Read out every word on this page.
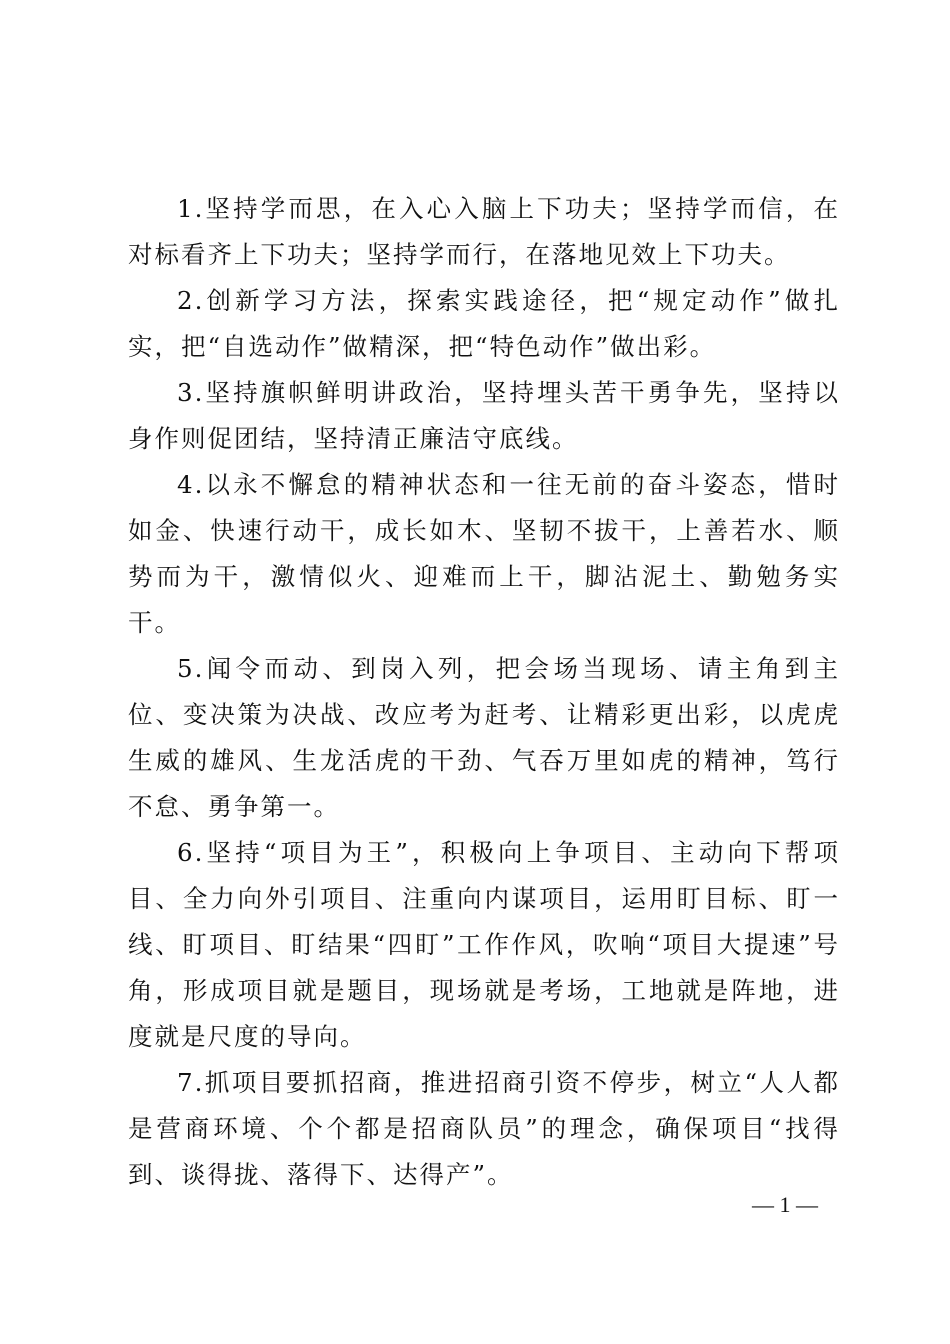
1.坚持学而思，在入心入脑上下功夫；坚持学而信，在对标看齐上下功夫；坚持学而行，在落地见效上下功夫。

2.创新学习方法，探索实践途径，把“规定动作”做扎实，把“自选动作”做精深，把“特色动作”做出彩。

3.坚持旗帜鲜明讲政治，坚持埋头苦干勇争先，坚持以身作则促团结，坚持清正廉洁守底线。

4.以永不懈怠的精神状态和一往无前的奋斗姿态，惜时如金、快速行动干，成长如木、坚韧不拔干，上善若水、顺势而为干，激情似火、迎难而上干，脚沾泥土、勤勉务实干。

5.闻令而动、到岗入列，把会场当现场、请主角到主位、变决策为决战、改应考为赶考、让精彩更出彩，以虎虎生威的雄风、生龙活虎的干劲、气吞万里如虎的精神，笃行不怠、勇争第一。

6.坚持“项目为王”，积极向上争项目、主动向下帮项目、全力向外引项目、注重向内谋项目，运用盯目标、盯一线、盯项目、盯结果“四盯”工作作风，吹响“项目大提速”号角，形成项目就是题目，现场就是考场，工地就是阵地，进度就是尺度的导向。

7.抓项目要抓招商，推进招商引资不停步，树立“人人都是营商环境、个个都是招商队员”的理念，确保项目“找得到、谈得拢、落得下、达得产”。

— 1 —
